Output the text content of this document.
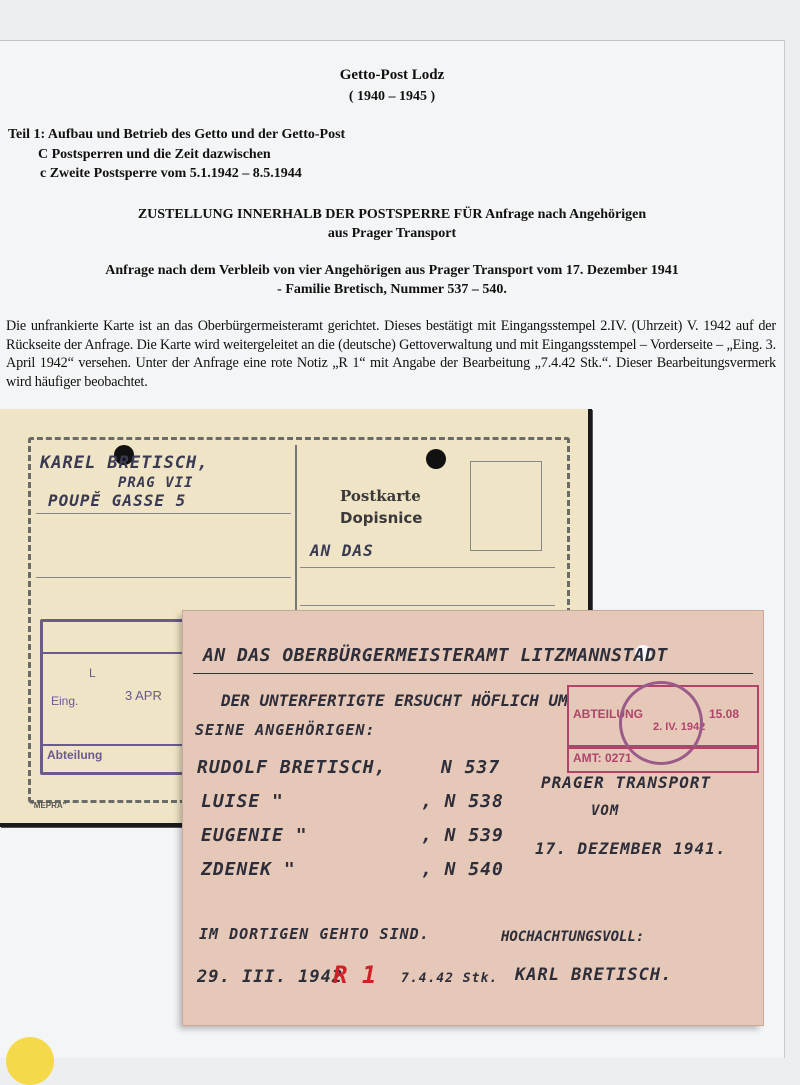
Getto-Post Lodz
( 1940 – 1945 )
Teil 1: Aufbau und Betrieb des Getto und der Getto-Post
C Postsperren und die Zeit dazwischen
c Zweite Postsperre vom 5.1.1942 – 8.5.1944
ZUSTELLUNG INNERHALB DER POSTSPERRE FÜR Anfrage nach Angehörigen
aus Prager Transport
Anfrage nach dem Verbleib von vier Angehörigen aus Prager Transport vom 17. Dezember 1941
- Familie Bretisch, Nummer 537 – 540.
Die unfrankierte Karte ist an das Oberbürgermeisteramt gerichtet. Dieses bestätigt mit Eingangsstempel 2.IV. (Uhrzeit) V. 1942 auf der Rückseite der Anfrage. Die Karte wird weitergeleitet an die (deutsche) Gettoverwaltung und mit Eingangsstempel – Vorderseite – „Eing. 3. April 1942“ versehen. Unter der Anfrage eine rote Notiz „R 1“ mit Angabe der Bearbeitung „7.4.42 Stk.“. Dieser Bearbeitungsvermerk wird häufiger beobachtet.
KAREL BRETISCH,
PRAG VII
POUPĚ GASSE 5	Postkarte
Dopisnice
AN DAS
L
Eing.	3 APR
Abteilung
"MEPRA"
AN DAS OBERBÜRGERMEISTERAMT LITZMANNSTADT
DER UNTERFERTIGTE ERSUCHT HÖFLICH UM
SEINE ANGEHÖRIGEN:
RUDOLF BRETISCH,	N 537
LUISE "	, N 538
EUGENIE "	, N 539
ZDENEK "	, N 540
PRAGER TRANSPORT
VOM
17. DEZEMBER 1941.
IM DORTIGEN GEHTO SIND.	HOCHACHTUNGSVOLL:
29. III. 1942
R 1 7.4.42 Stk. KARL BRETISCH.
ABTEILUNG
2. IV. 1942
15.08
AMT: 0271
